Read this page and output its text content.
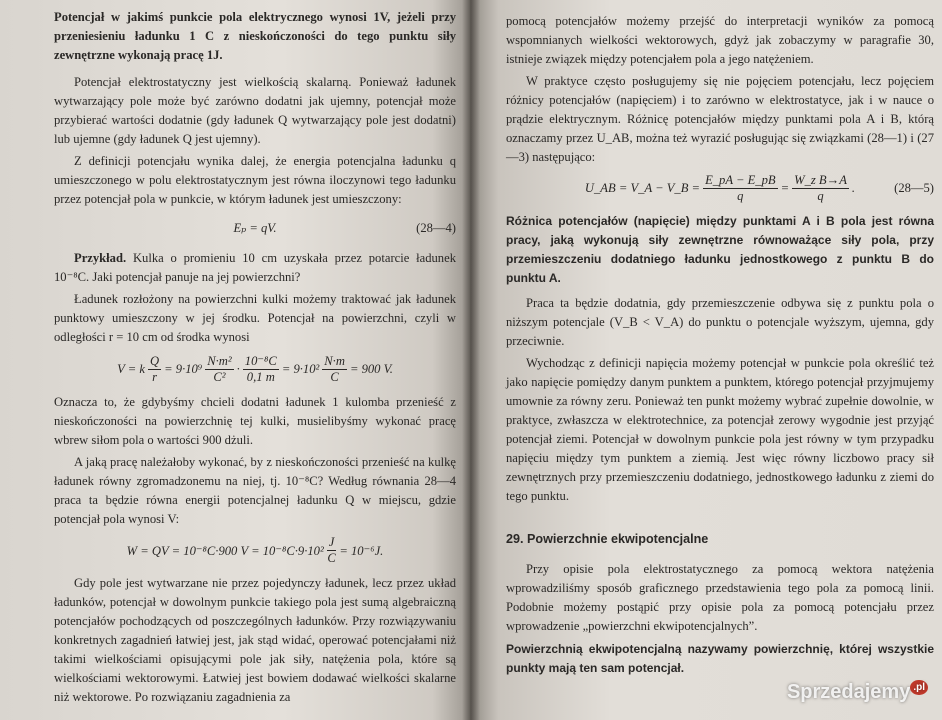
Potencjał w jakimś punkcie pola elektrycznego wynosi 1V, jeżeli przy przeniesieniu ładunku 1 C z nieskończoności do tego punktu siły zewnętrzne wykonają pracę 1J.

Potencjał elektrostatyczny jest wielkością skalarną. Ponieważ ładunek wytwarzający pole może być zarówno dodatni jak ujemny, potencjał może przybierać wartości dodatnie (gdy ładunek Q wytwarzający pole jest dodatni) lub ujemne (gdy ładunek Q jest ujemny).

Z definicji potencjału wynika dalej, że energia potencjalna ładunku q umieszczonego w polu elektrostatycznym jest równa iloczynowi tego ładunku przez potencjał pola w punkcie, w którym ładunek jest umieszczony:

Eₚ = qV.	(28—4)

Przykład. Kulka o promieniu 10 cm uzyskała przez potarcie ładunek 10⁻⁸C. Jaki potencjał panuje na jej powierzchni?

Ładunek rozłożony na powierzchni kulki możemy traktować jak ładunek punktowy umieszczony w jej środku. Potencjał na powierzchni, czyli w odległości r = 10 cm od środka wynosi

V = k $\frac{Q}{r} = 9\cdot 10^9 \frac{\text{N·m²}}{\text{C²}} \cdot \frac{\text{10⁻⁸C}}{0,1 m} = 9\cdot 10^2 \frac{N\cdot m}{C} = 900$ V.

Oznacza to, że gdybyśmy chcieli dodatni ładunek 1 kulomba przenieść z nieskończoności na powierzchnię tej kulki, musielibyśmy wykonać pracę wbrew siłom pola o wartości 900 dżuli.

A jaką pracę należałoby wykonać, by z nieskończoności przenieść na kulkę ładunek równy zgromadzonemu na niej, tj. 10⁻⁸C? Według równania 28—4 praca ta będzie równa energii potencjalnej ładunku Q w miejscu, gdzie potencjał pola wynosi V:

W = QV = 10⁻⁸C·900 $V = 10^{-8}C\cdot 9\cdot 10^2 \frac{J}{C} = 10^{-6}J$.

Gdy pole jest wytwarzane nie przez pojedynczy ładunek, lecz przez układ ładunków, potencjał w dowolnym punkcie takiego pola jest sumą algebraiczną potencjałów pochodzących od poszczególnych ładunków. Przy rozwiązywaniu konkretnych zagadnień łatwiej jest, jak stąd widać, operować potencjałami niż takimi wielkościami opisującymi pole jak siły, natężenia pola, które są wielkościami wektorowymi. Łatwiej jest bowiem dodawać wielkości skalarne niż wektorowe. Po rozwiązaniu zagadnienia za

pomocą potencjałów możemy przejść do interpretacji wyników za pomocą wspomnianych wielkości wektorowych, gdyż jak zobaczymy w paragrafie 30, istnieje związek między potencjałem pola a jego natężeniem.

W praktyce często posługujemy się nie pojęciem potencjału, lecz pojęciem różnicy potencjałów (napięciem) i to zarówno w elektrostatyce, jak i w nauce o prądzie elektrycznym. Różnicę potencjałów między punktami pola A i B, którą oznaczamy przez U_AB, można też wyrazić posługując się związkami (28—1) i (27—3) następująco:

U_AB = V_A − V_B = $\frac{E\_pA - E\_pB}{q} = \frac{\text{W\_z B→A}}{q}$ .	(28—5)

Różnica potencjałów (napięcie) między punktami A i B pola jest równa pracy, jaką wykonują siły zewnętrzne równoważące siły pola, przy przemieszczeniu dodatniego ładunku jednostkowego z punktu B do punktu A.

Praca ta będzie dodatnia, gdy przemieszczenie odbywa się z punktu pola o niższym potencjale (V_B < V_A) do punktu o potencjale wyższym, ujemna, gdy przeciwnie.

Wychodząc z definicji napięcia możemy potencjał w punkcie pola określić też jako napięcie pomiędzy danym punktem a punktem, którego potencjał przyjmujemy umownie za równy zeru. Ponieważ ten punkt możemy wybrać zupełnie dowolnie, w praktyce, zwłaszcza w elektrotechnice, za potencjał zerowy wygodnie jest przyjąć potencjał ziemi. Potencjał w dowolnym punkcie pola jest równy w tym przypadku napięciu między tym punktem a ziemią. Jest więc równy liczbowo pracy sił zewnętrznych przy przemieszczeniu dodatniego, jednostkowego ładunku z ziemi do tego punktu.

29. Powierzchnie ekwipotencjalne

Przy opisie pola elektrostatycznego za pomocą wektora natężenia wprowadziliśmy sposób graficznego przedstawienia tego pola za pomocą linii. Podobnie możemy postąpić przy opisie pola za pomocą potencjału przez wprowadzenie „powierzchni ekwipotencjalnych”.

Powierzchnią ekwipotencjalną nazywamy powierzchnię, której wszystkie punkty mają ten sam potencjał.

Sprzedajemy $^{.pl}$
